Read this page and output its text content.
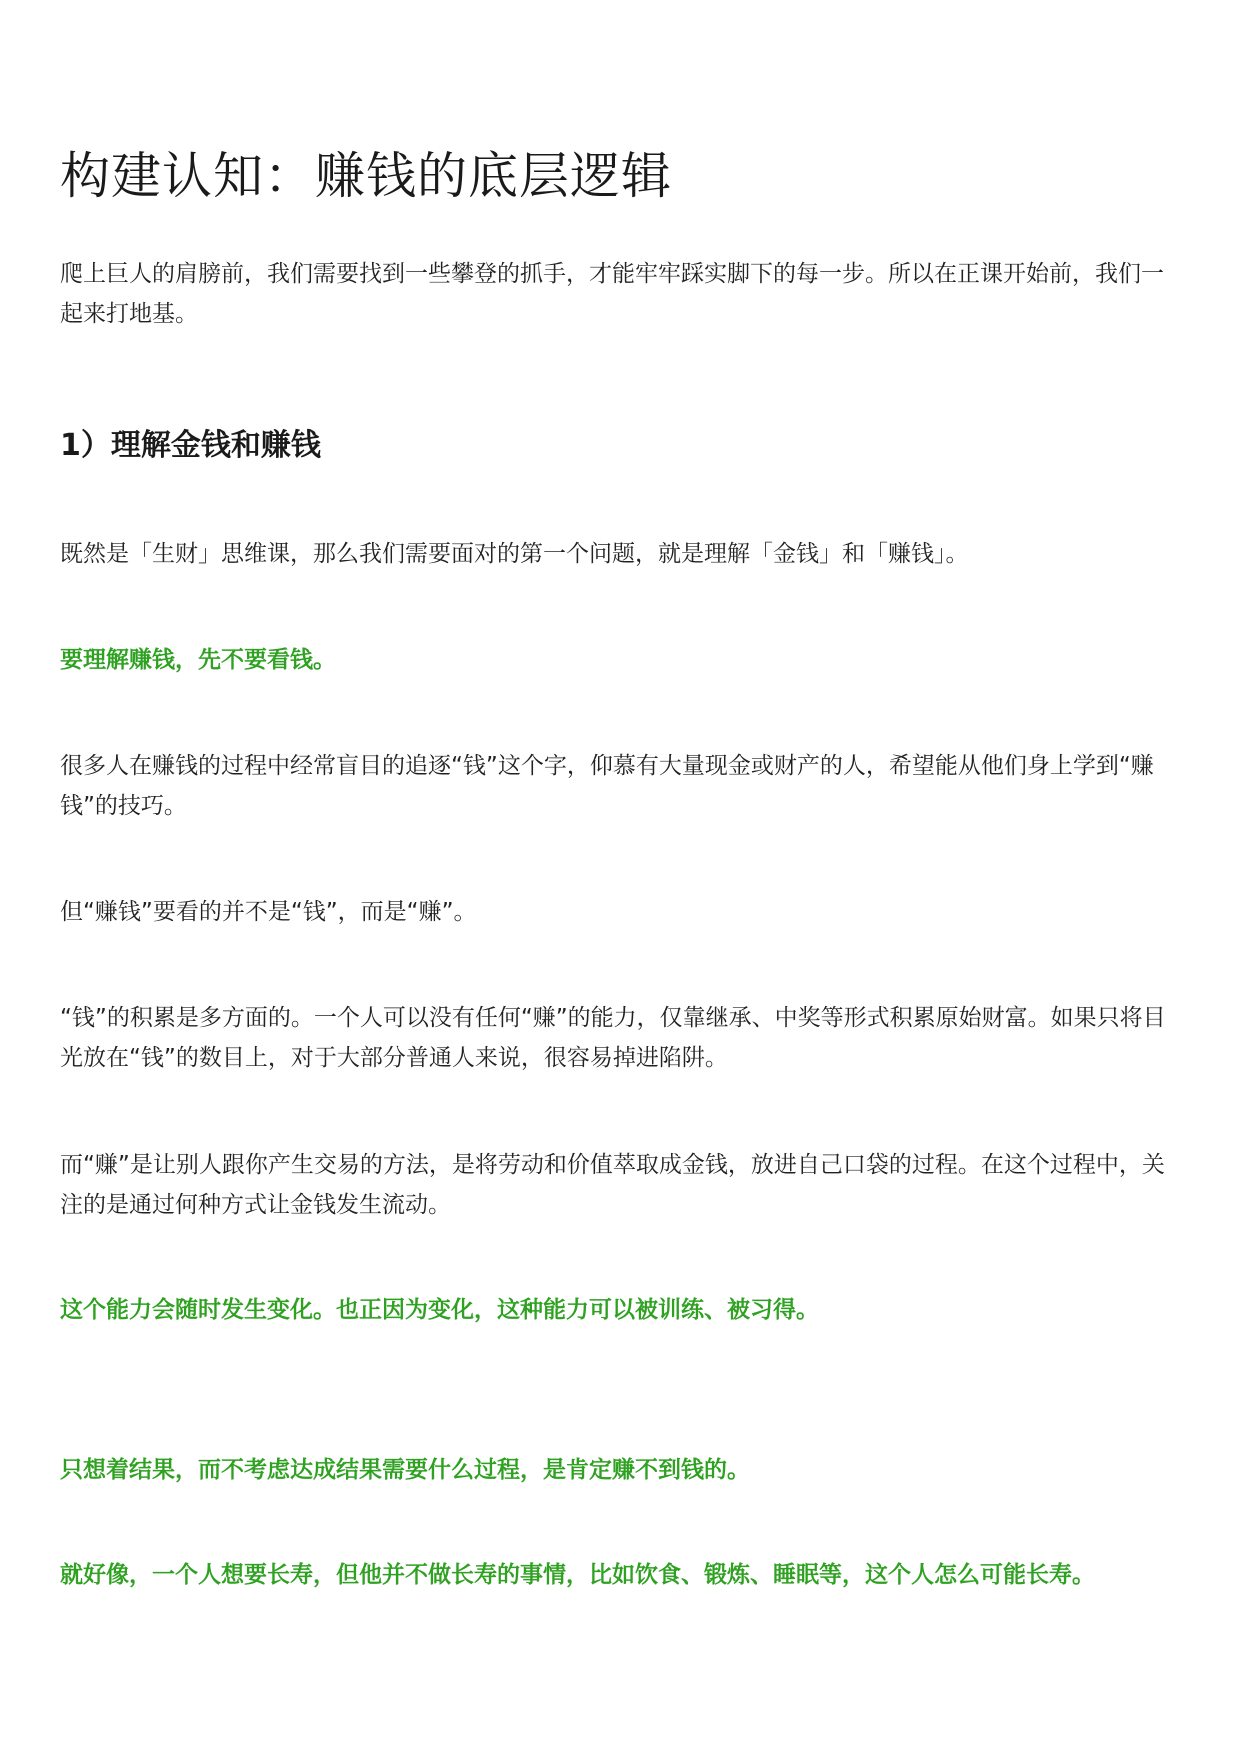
构建认知：赚钱的底层逻辑

爬上巨人的肩膀前，我们需要找到一些攀登的抓手，才能牢牢踩实脚下的每一步。所以在正课开始前，我们一起来打地基。

1）理解金钱和赚钱

既然是「生财」思维课，那么我们需要面对的第一个问题，就是理解「金钱」和「赚钱」。

要理解赚钱，先不要看钱。

很多人在赚钱的过程中经常盲目的追逐“钱”这个字，仰慕有大量现金或财产的人，希望能从他们身上学到“赚钱”的技巧。

但“赚钱”要看的并不是“钱”，而是“赚”。

“钱”的积累是多方面的。一个人可以没有任何“赚”的能力，仅靠继承、中奖等形式积累原始财富。如果只将目光放在“钱”的数目上，对于大部分普通人来说，很容易掉进陷阱。

而“赚”是让别人跟你产生交易的方法，是将劳动和价值萃取成金钱，放进自己口袋的过程。在这个过程中，关注的是通过何种方式让金钱发生流动。

这个能力会随时发生变化。也正因为变化，这种能力可以被训练、被习得。

只想着结果，而不考虑达成结果需要什么过程，是肯定赚不到钱的。

就好像，一个人想要长寿，但他并不做长寿的事情，比如饮食、锻炼、睡眠等，这个人怎么可能长寿。
